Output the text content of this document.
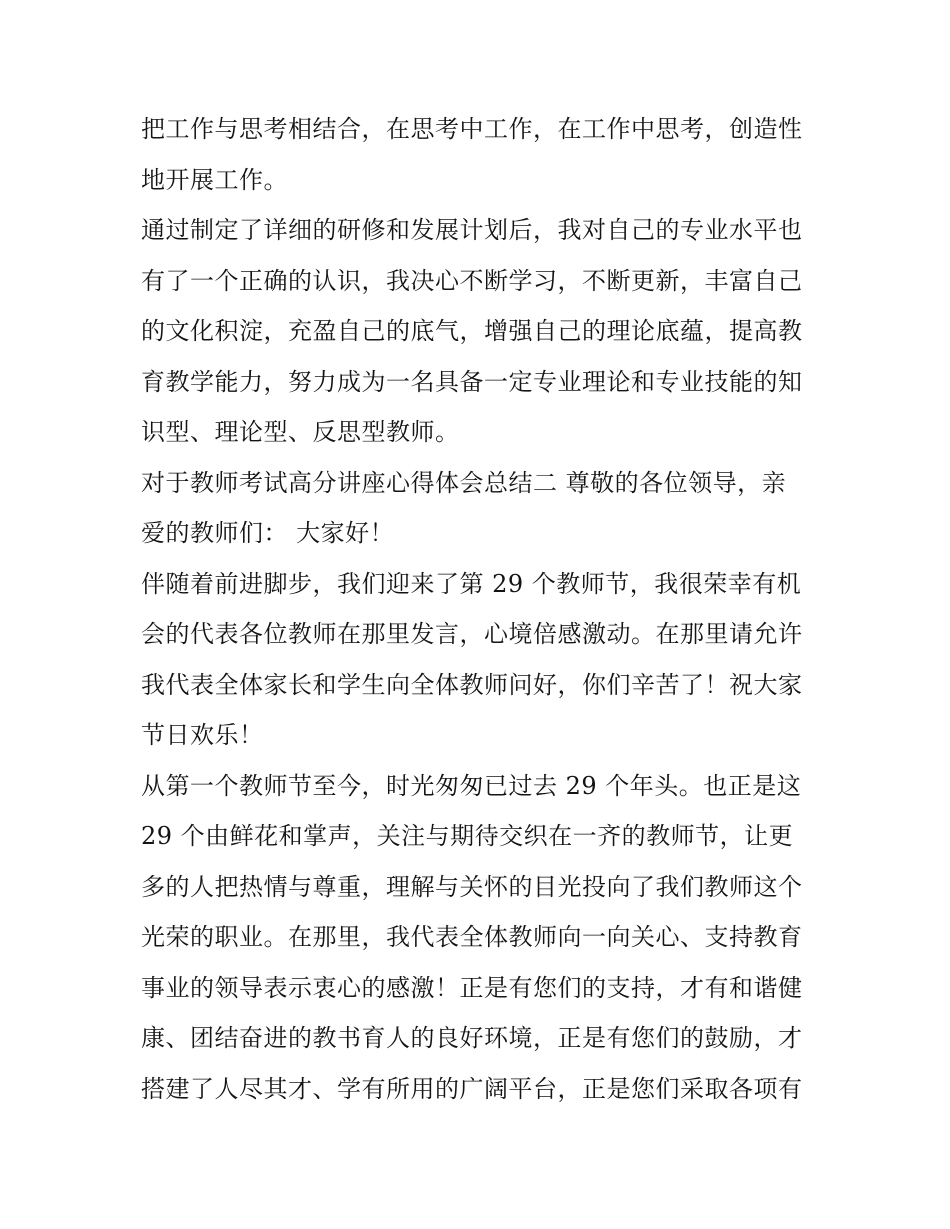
把工作与思考相结合，在思考中工作，在工作中思考，创造性
地开展工作。
通过制定了详细的研修和发展计划后，我对自己的专业水平也
有了一个正确的认识，我决心不断学习，不断更新，丰富自己
的文化积淀，充盈自己的底气，增强自己的理论底蕴，提高教
育教学能力，努力成为一名具备一定专业理论和专业技能的知
识型、理论型、反思型教师。
对于教师考试高分讲座心得体会总结二 尊敬的各位领导，亲
爱的教师们： 大家好！
伴随着前进脚步，我们迎来了第 29 个教师节，我很荣幸有机
会的代表各位教师在那里发言，心境倍感激动。在那里请允许
我代表全体家长和学生向全体教师问好，你们辛苦了！祝大家
节日欢乐！
从第一个教师节至今，时光匆匆已过去 29 个年头。也正是这
29 个由鲜花和掌声，关注与期待交织在一齐的教师节，让更
多的人把热情与尊重，理解与关怀的目光投向了我们教师这个
光荣的职业。在那里，我代表全体教师向一向关心、支持教育
事业的领导表示衷心的感激！正是有您们的支持，才有和谐健
康、团结奋进的教书育人的良好环境，正是有您们的鼓励，才
搭建了人尽其才、学有所用的广阔平台，正是您们采取各项有
